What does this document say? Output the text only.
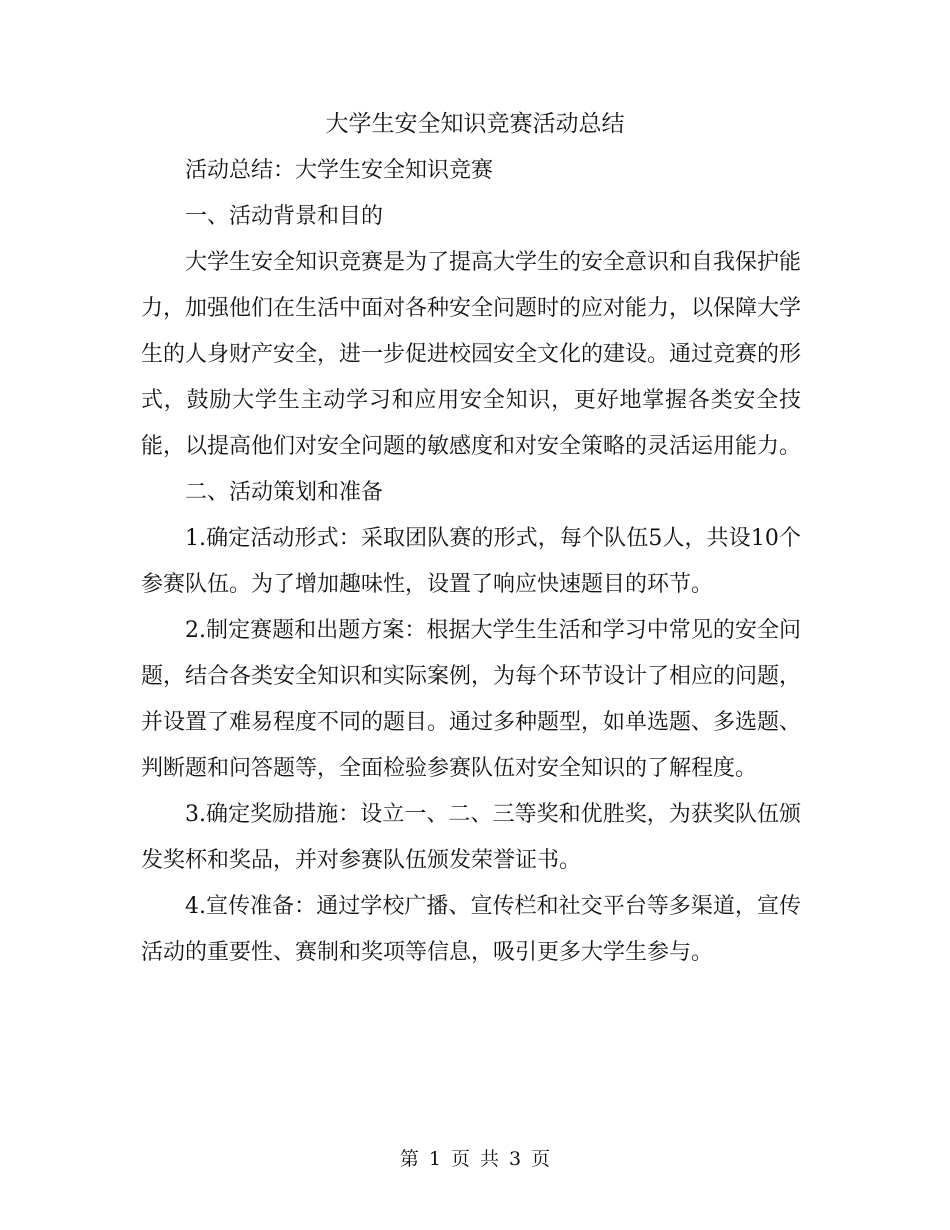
大学生安全知识竞赛活动总结

活动总结：大学生安全知识竞赛

一、活动背景和目的

大学生安全知识竞赛是为了提高大学生的安全意识和自我保护能力，加强他们在生活中面对各种安全问题时的应对能力，以保障大学生的人身财产安全，进一步促进校园安全文化的建设。通过竞赛的形式，鼓励大学生主动学习和应用安全知识，更好地掌握各类安全技能，以提高他们对安全问题的敏感度和对安全策略的灵活运用能力。

二、活动策划和准备

1.确定活动形式：采取团队赛的形式，每个队伍5人，共设10个参赛队伍。为了增加趣味性，设置了响应快速题目的环节。

2.制定赛题和出题方案：根据大学生生活和学习中常见的安全问题，结合各类安全知识和实际案例，为每个环节设计了相应的问题，并设置了难易程度不同的题目。通过多种题型，如单选题、多选题、判断题和问答题等，全面检验参赛队伍对安全知识的了解程度。

3.确定奖励措施：设立一、二、三等奖和优胜奖，为获奖队伍颁发奖杯和奖品，并对参赛队伍颁发荣誉证书。

4.宣传准备：通过学校广播、宣传栏和社交平台等多渠道，宣传活动的重要性、赛制和奖项等信息，吸引更多大学生参与。

第 1 页 共 3 页
